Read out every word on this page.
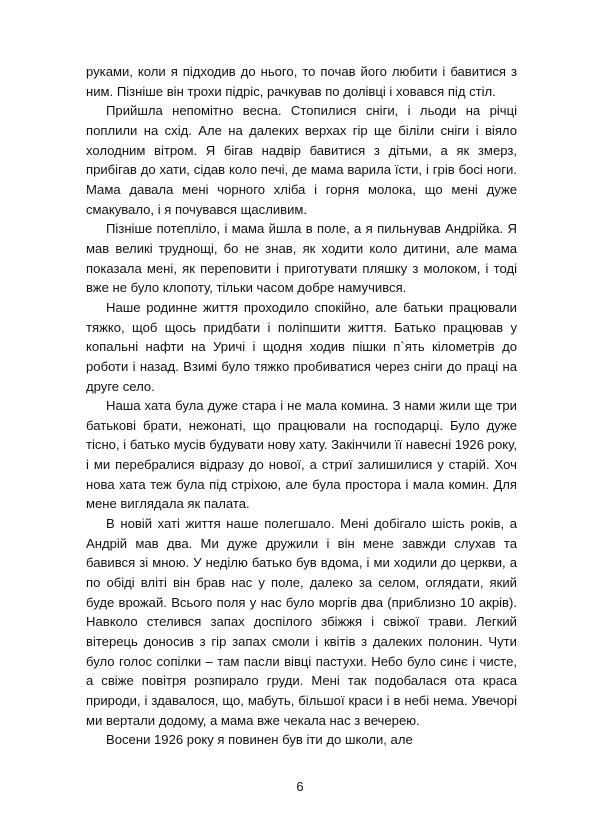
руками, коли я підходив до нього, то почав його любити і бавитися з ним. Пізніше він трохи підріс, рачкував по долівці і ховався під стіл.

Прийшла непомітно весна. Стопилися сніги, і льоди на річці поплили на схід. Але на далеких верхах гір ще біліли сніги і віяло холодним вітром. Я бігав надвір бавитися з дітьми, а як змерз, прибігав до хати, сідав коло печі, де мама варила їсти, і грів босі ноги. Мама давала мені чорного хліба і горня молока, що мені дуже смакувало, і я почувався щасливим.

Пізніше потепліло, і мама йшла в поле, а я пильнував Андрійка. Я мав великі труднощі, бо не знав, як ходити коло дитини, але мама показала мені, як переповити і приготувати пляшку з молоком, і тоді вже не було клопоту, тільки часом добре намучився.

Наше родинне життя проходило спокійно, але батьки працювали тяжко, щоб щось придбати і поліпшити життя. Батько працював у копальні нафти на Уричі і щодня ходив пішки п`ять кілометрів до роботи і назад. Взимі було тяжко пробиватися через сніги до праці на друге село.

Наша хата була дуже стара і не мала комина. З нами жили ще три батькові брати, нежонаті, що працювали на господарці. Було дуже тісно, і батько мусів будувати нову хату. Закінчили її навесні 1926 року, і ми перебралися відразу до нової, а стриї залишилися у старій. Хоч нова хата теж була під стріхою, але була простора і мала комин. Для мене виглядала як палата.

В новій хаті життя наше полегшало. Мені добігало шість років, а Андрій мав два. Ми дуже дружили і він мене завжди слухав та бавився зі мною. У неділю батько був вдома, і ми ходили до церкви, а по обіді вліті він брав нас у поле, далеко за селом, оглядати, який буде врожай. Всього поля у нас було моргів два (приблизно 10 акрів). Навколо стелився запах доспілого збіжжя і свіжої трави. Легкий вітерець доносив з гір запах смоли і квітів з далеких полонин. Чути було голос сопілки – там пасли вівці пастухи. Небо було синє і чисте, а свіже повітря розпирало груди. Мені так подобалася ота краса природи, і здавалося, що, мабуть, більшої краси і в небі нема. Увечорі ми вертали додому, а мама вже чекала нас з вечерею.

Восени 1926 року я повинен був іти до школи, але

6
